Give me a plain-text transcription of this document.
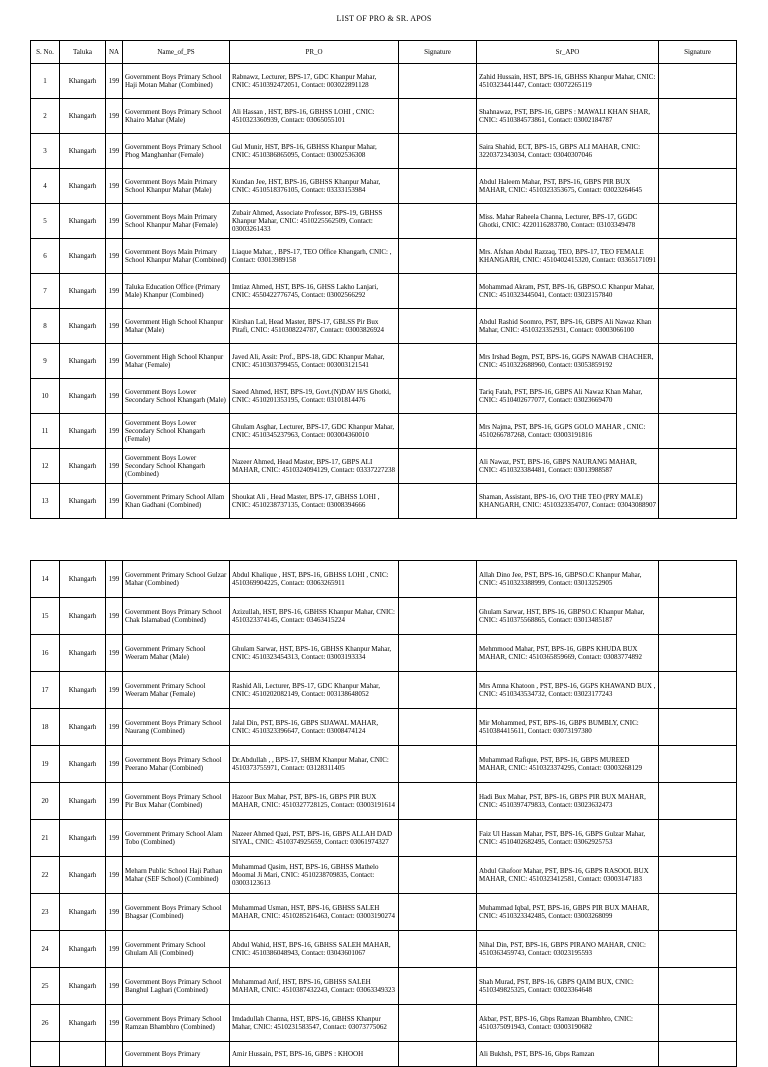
LIST OF PRO & SR. APOS
S. No.	Taluka	NA	Name_of_PS	PR_O	Signature	Sr_APO	Signature
1	Khangarh	199	Government Boys Primary School Haji Motan Mahar (Combined)	Rabnawz, Lecturer, BPS-17, GDC Khanpur Mahar, CNIC: 4510392472051, Contact: 003022891128		Zahid Hussain, HST, BPS-16, GBHSS Khanpur Mahar, CNIC: 4510323441447, Contact: 03072265119	
2	Khangarh	199	Government Boys Primary School Khairo Mahar (Male)	Ali Hassan , HST, BPS-16, GBHSS LOHI , CNIC: 4510323360939, Contact: 03065055101		Shahnawaz, PST, BPS-16, GBPS : MAWALI KHAN SHAR, CNIC: 4510384573861, Contact: 03002184787	
3	Khangarh	199	Government Boys Primary School Phog Manghanhar (Female)	Gul Munir, HST, BPS-16, GBHSS Khanpur Mahar, CNIC: 4510386865095, Contact: 03002536308		Saira Shahid, ECT, BPS-15, GBPS ALI MAHAR, CNIC: 3220372343034, Contact: 03040307046	
4	Khangarh	199	Government Boys Main Primary School Khanpur Mahar (Male)	Kundan Jee, HST, BPS-16, GBHSS Khanpur Mahar, CNIC: 4510518376105, Contact: 03333153984		Abdul Haleem Mahar, PST, BPS-16, GBPS PIR BUX MAHAR, CNIC: 4510323353675, Contact: 03023264645	
5	Khangarh	199	Government Boys Main Primary School Khanpur Mahar (Female)	Zubair Ahmed, Associate Professor, BPS-19, GBHSS Khanpur Mahar, CNIC: 4510225562509, Contact: 03003261433		Miss. Mahar Raheela Channa, Lecturer, BPS-17, GGDC Ghotki, CNIC: 4220116283780, Contact: 03103349478	
6	Khangarh	199	Government Boys Main Primary School Khanpur Mahar (Combined)	Liaque Mahar, , BPS-17, TEO Office Khangarh, CNIC: , Contact: 03013989158		Mrs. Afshan Abdul Razzaq, TEO, BPS-17, TEO FEMALE KHANGARH, CNIC: 4510402415320, Contact: 03365171091	
7	Khangarh	199	Taluka Education Office (Primary Male) Khanpur (Combined)	Imtiaz Ahmed, HST, BPS-16, GHSS Lakho Lanjari, CNIC: 4550422776745, Contact: 03002566292		Mohammad Akram, PST, BPS-16, GBPSO.C Khanpur Mahar, CNIC: 4510323445041, Contact: 03023157840	
8	Khangarh	199	Government High School Khanpur Mahar (Male)	Kirshan Lal, Head Master, BPS-17, GBLSS Pir Bux Pitafi, CNIC: 4510308224787, Contact: 03003826924		Abdul Rashid Soomro, PST, BPS-16, GBPS Ali Nawaz Khan Mahar, CNIC: 4510323352931, Contact: 03003066100	
9	Khangarh	199	Government High School Khanpur Mahar (Female)	Javed Ali, Assit: Prof., BPS-18, GDC Khanpur Mahar, CNIC: 4510303799455, Contact: 003003121541		Mrs Irshad Begm, PST, BPS-16, GGPS NAWAB CHACHER, CNIC: 4510322688960, Contact: 03053859192	
10	Khangarh	199	Government Boys Lower Secondary School Khangarh (Male)	Saeed Ahmed, HST, BPS-19, Govt.(N)DAV H/S Ghotki, CNIC: 4510201353195, Contact: 03101814476		Tariq Fatah, PST, BPS-16, GBPS Ali Nawaz Khan Mahar, CNIC: 4510402677077, Contact: 03023669470	
11	Khangarh	199	Government Boys Lower Secondary School Khangarh (Female)	Ghulam Asghar, Lecturer, BPS-17, GDC Khanpur Mahar, CNIC: 4510345237963, Contact: 003004360010		Mrs Najma, PST, BPS-16, GGPS GOLO MAHAR , CNIC: 4510266787268, Contact: 03003191816	
12	Khangarh	199	Government Boys Lower Secondary School Khangarh (Combined)	Nazeer Ahmed, Head Master, BPS-17, GBPS ALI MAHAR, CNIC: 4510324094129, Contact: 03337227238		Ali Nawaz, PST, BPS-16, GBPS NAURANG MAHAR, CNIC: 4510323384481, Contact: 03013988587	
13	Khangarh	199	Government Primary School Allam Khan Gadhani (Combined)	Shoukat Ali , Head Master, BPS-17, GBHSS LOHI , CNIC: 4510238737135, Contact: 03008394666		Shaman, Assistant, BPS-16, O/O THE TEO (PRY MALE) KHANGARH, CNIC: 4510323354707, Contact: 03043088907	
14	Khangarh	199	Government Primary School Gulzar Mahar (Combined)	Abdul Khalique , HST, BPS-16, GBHSS LOHI , CNIC: 4510369904225, Contact: 03063265911		Allah Dino Jee, PST, BPS-16, GBPSO.C Khanpur Mahar, CNIC: 4510323388999, Contact: 03013252905	
15	Khangarh	199	Government Boys Primary School Chak Islamabad (Combined)	Azizullah, HST, BPS-16, GBHSS Khanpur Mahar, CNIC: 4510323374145, Contact: 03463415224		Ghulam Sarwar, HST, BPS-16, GBPSO.C Khanpur Mahar, CNIC: 4510375568865, Contact: 03013485187	
16	Khangarh	199	Government Primary School Weeram Mahar (Male)	Ghulam Sarwar, HST, BPS-16, GBHSS Khanpur Mahar, CNIC: 4510323454313, Contact: 03003193334		Mehmmood Mahar, PST, BPS-16, GBPS KHUDA BUX MAHAR, CNIC: 4510365859669, Contact: 03083774892	
17	Khangarh	199	Government Primary School Weeram Mahar (Female)	Rashid Ali, Lecturer, BPS-17, GDC Khanpur Mahar, CNIC: 4510202082149, Contact: 003138648052		Mrs Amna Khatoon , PST, BPS-16, GGPS KHAWAND BUX , CNIC: 4510343534732, Contact: 03023177243	
18	Khangarh	199	Government Boys Primary School Naurang (Combined)	Jalal Din, PST, BPS-16, GBPS SIJAWAL MAHAR, CNIC: 4510323396647, Contact: 03008474124		Mir Mohammed, PST, BPS-16, GBPS BUMBLY, CNIC: 4510384415611, Contact: 03073197380	
19	Khangarh	199	Government Boys Primary School Peerano Mahar (Combined)	Dr.Abdullah , , BPS-17, SHBM Khanpur Mahar, CNIC: 4510373755971, Contact: 03128311405		Muhammad Rafique, PST, BPS-16, GBPS MUREED MAHAR, CNIC: 4510323374295, Contact: 03003268129	
20	Khangarh	199	Government Boys Primary School Pir Bux Mahar (Combined)	Hazoor Bux Mahar, PST, BPS-16, GBPS PIR BUX MAHAR, CNIC: 4510327728125, Contact: 03003191614		Hadi Bux Mahar, PST, BPS-16, GBPS PIR BUX MAHAR, CNIC: 4510397479833, Contact: 03023632473	
21	Khangarh	199	Government Primary School Alam Tobo (Combined)	Nazeer Ahmed Qazi, PST, BPS-16, GBPS ALLAH DAD SIYAL, CNIC: 4510374925659, Contact: 03061974327		Faiz Ul Hassan Mahar, PST, BPS-16, GBPS Gulzar Mahar, CNIC: 4510402682495, Contact: 03062925753	
22	Khangarh	199	Meharn Public School Haji Pathan Mahar (SEF School) (Combined)	Muhammad Qasim, HST, BPS-16, GBHSS Mathelo Moomal Ji Mari, CNIC: 4510238709835, Contact: 03003123613		Abdul Ghafoor Mahar, PST, BPS-16, GBPS RASOOL BUX MAHAR, CNIC: 4510323412581, Contact: 03003147183	
23	Khangarh	199	Government Boys Primary School Bhagsar (Combined)	Muhammad Usman, HST, BPS-16, GBHSS SALEH MAHAR, CNIC: 4510285216463, Contact: 03003190274		Muhammad Iqbal, PST, BPS-16, GBPS PIR BUX MAHAR, CNIC: 4510323342485, Contact: 03003268099	
24	Khangarh	199	Government Primary School Ghulam Ali (Combined)	Abdul Wahid, HST, BPS-16, GBHSS SALEH MAHAR, CNIC: 4510386048943, Contact: 03043601067		Nihal Din, PST, BPS-16, GBPS PIRANO MAHAR, CNIC: 4510363459743, Contact: 03023195593	
25	Khangarh	199	Government Boys Primary School Banghul Laghari (Combined)	Muhammad Arif, HST, BPS-16, GBHSS SALEH MAHAR, CNIC: 4510387432243, Contact: 03063349323		Shah Murad, PST, BPS-16, GBPS QAIM BUX, CNIC: 4510349825325, Contact: 03023364648	
26	Khangarh	199	Government Boys Primary School Ramzan Bhambhro (Combined)	Imdadullah Channa, HST, BPS-16, GBHSS Khanpur Mahar, CNIC: 4510231583547, Contact: 03073775062		Akbar, PST, BPS-16, Gbps Ramzan Bhambhro, CNIC: 4510375091943, Contact: 03003190682	
			Government Boys Primary	Amir Hussain, PST, BPS-16, GBPS : KHOOH		Ali Bukhsh, PST, BPS-16, Gbps Ramzan	
